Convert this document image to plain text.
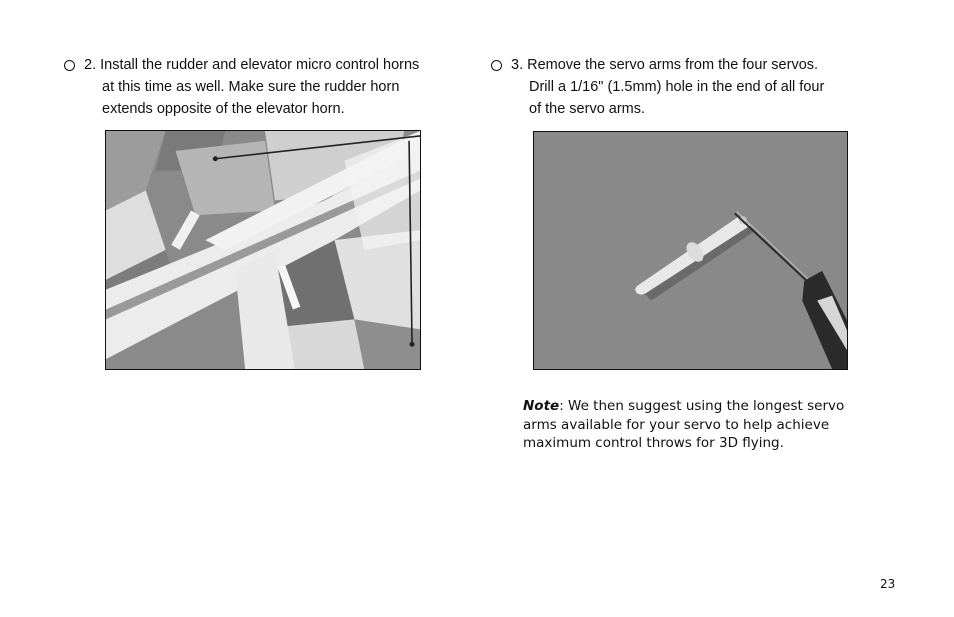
2.
Install the rudder and elevator micro control horns
at this time as well. Make sure the rudder horn
extends opposite of the elevator horn.
3.
Remove the servo arms from the four servos.
Drill a 1/16" (1.5mm) hole in the end of all four
of the servo arms.
Note: We then suggest using the longest servo arms available for your servo to help achieve maximum control throws for 3D flying.
23
